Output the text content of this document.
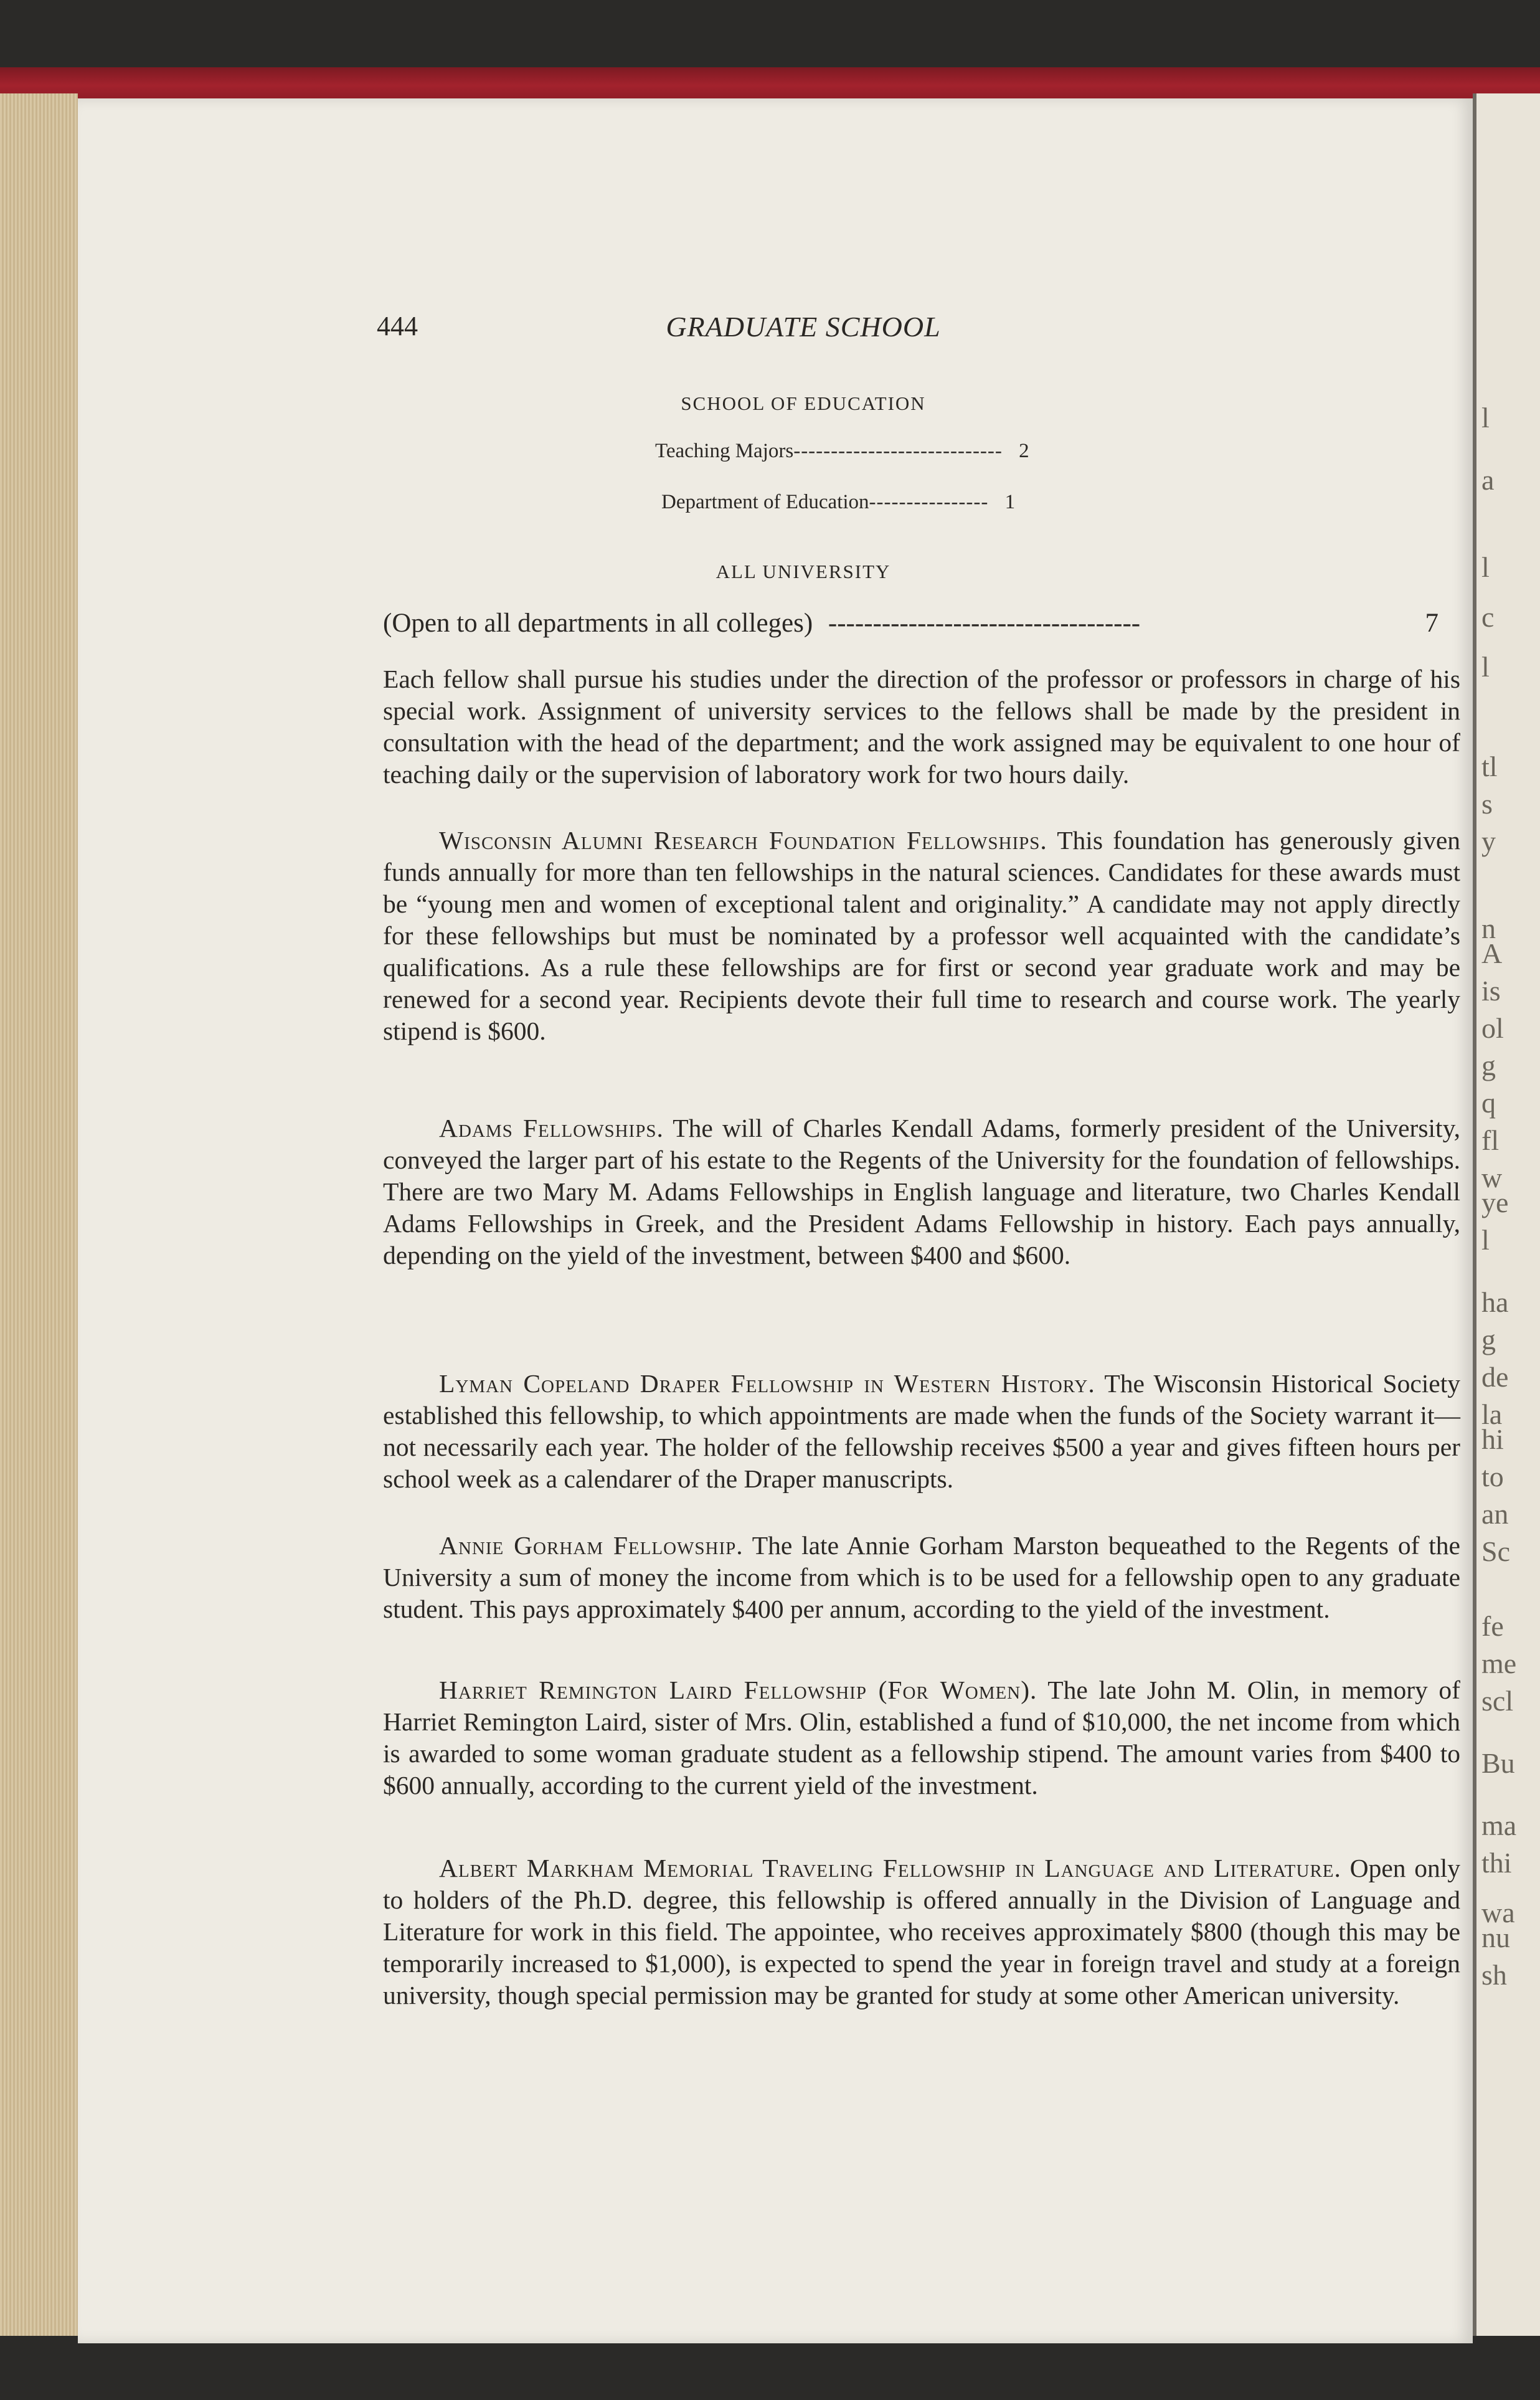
l
a
l
c
l
tl
s
y
n
A
is
ol
g
q
fl
w
ye
l
ha
g
de
la
hi
to
an
Sc
fe
me
scl
Bu
ma
thi
wa
nu
sh
444	GRADUATE SCHOOL
SCHOOL OF EDUCATION
Teaching Majors---------------------------- 2
Department of Education---------------- 1
ALL UNIVERSITY
(Open to all departments in all colleges) -----------------------------------	7
Each fellow shall pursue his studies under the direction of the professor or professors in charge of his special work. Assignment of university services to the fellows shall be made by the president in consultation with the head of the department; and the work assigned may be equivalent to one hour of teaching daily or the supervision of laboratory work for two hours daily.
Wisconsin Alumni Research Foundation Fellowships. This foundation has generously given funds annually for more than ten fellowships in the natural sciences. Candidates for these awards must be “young men and women of exceptional talent and originality.” A candidate may not apply directly for these fellowships but must be nominated by a professor well acquainted with the candidate’s qualifications. As a rule these fellowships are for first or second year graduate work and may be renewed for a second year. Recipients devote their full time to research and course work. The yearly stipend is $600.
Adams Fellowships. The will of Charles Kendall Adams, formerly president of the University, conveyed the larger part of his estate to the Regents of the University for the foundation of fellowships. There are two Mary M. Adams Fellowships in English language and literature, two Charles Kendall Adams Fellowships in Greek, and the President Adams Fellowship in history. Each pays annually, depending on the yield of the investment, between $400 and $600.
Lyman Copeland Draper Fellowship in Western History. The Wisconsin Historical Society established this fellowship, to which appointments are made when the funds of the Society warrant it—not necessarily each year. The holder of the fellowship receives $500 a year and gives fifteen hours per school week as a calendarer of the Draper manuscripts.
Annie Gorham Fellowship. The late Annie Gorham Marston bequeathed to the Regents of the University a sum of money the income from which is to be used for a fellowship open to any graduate student. This pays approximately $400 per annum, according to the yield of the investment.
Harriet Remington Laird Fellowship (For Women). The late John M. Olin, in memory of Harriet Remington Laird, sister of Mrs. Olin, established a fund of $10,000, the net income from which is awarded to some woman graduate student as a fellowship stipend. The amount varies from $400 to $600 annually, according to the current yield of the investment.
Albert Markham Memorial Traveling Fellowship in Language and Literature. Open only to holders of the Ph.D. degree, this fellowship is offered annually in the Division of Language and Literature for work in this field. The appointee, who receives approximately $800 (though this may be temporarily increased to $1,000), is expected to spend the year in foreign travel and study at a foreign university, though special permission may be granted for study at some other American university.
